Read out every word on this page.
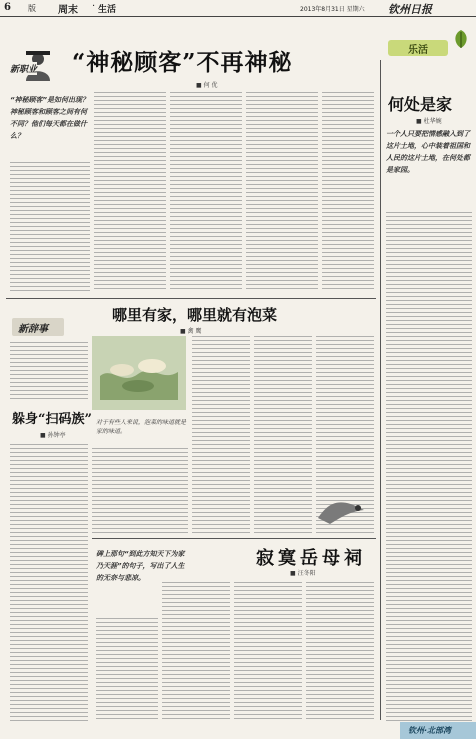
6 版 周末 · 生活	2013年8月31日 星期六 钦州日报
乐活
新职业 “神秘顾客”不再神秘
■ 何 优
“神秘顾客”是如何出现？神秘顾客和顾客之间有何不同？他们每天都在做什么？
何处是家
■ 杜华婉
一个人只要把情感融入到了这片土地，心中装着祖国和人民的这片土地，在何处都是家园。
哪里有家，哪里就有泡菜
■ 禽 鹰
对于有些人来说，泡菜的味道就是家的味道。
新辞事
躲身“扫码族”
■ 孙钟亭
寂寞岳母祠
■ 汪冬阳
碑上那句“到此方知天下为家乃天涯”的句子，写出了人生的无奈与悲凉。
钦州·北部湾
